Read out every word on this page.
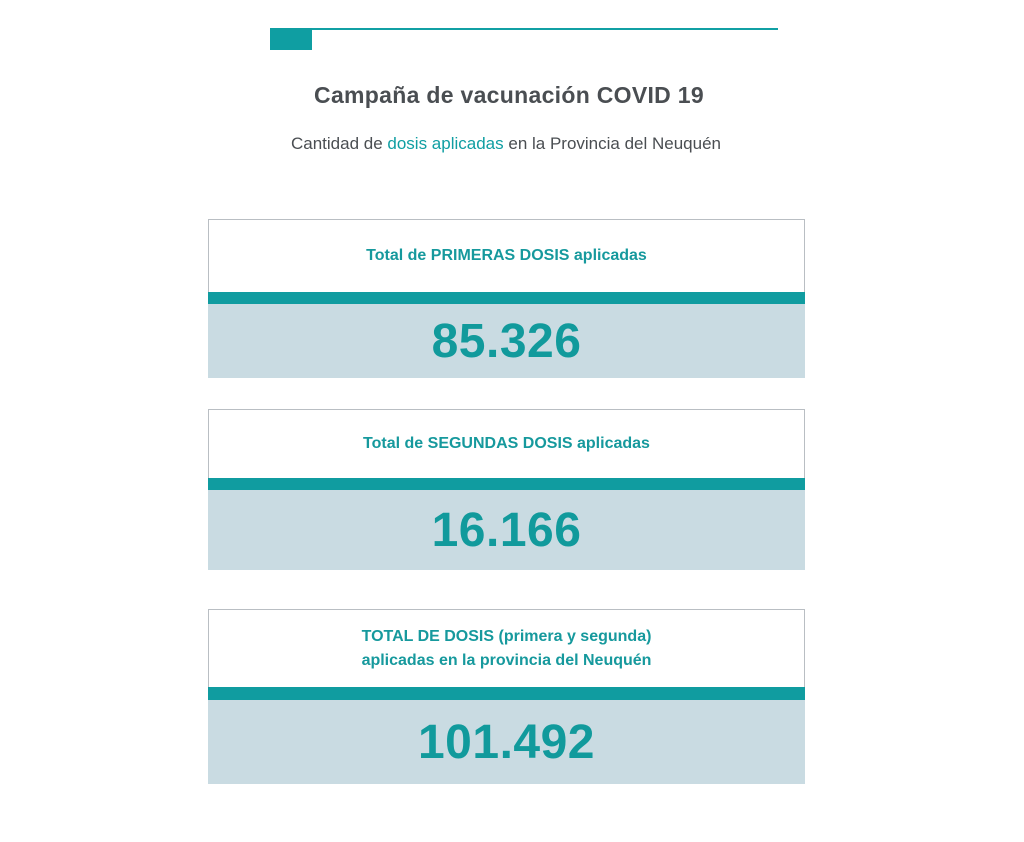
Campaña de vacunación COVID 19
Cantidad de dosis aplicadas en la Provincia del Neuquén
Total de PRIMERAS DOSIS aplicadas
85.326
Total de SEGUNDAS DOSIS aplicadas
16.166
TOTAL DE DOSIS (primera y segunda)
aplicadas en la provincia del Neuquén
101.492
